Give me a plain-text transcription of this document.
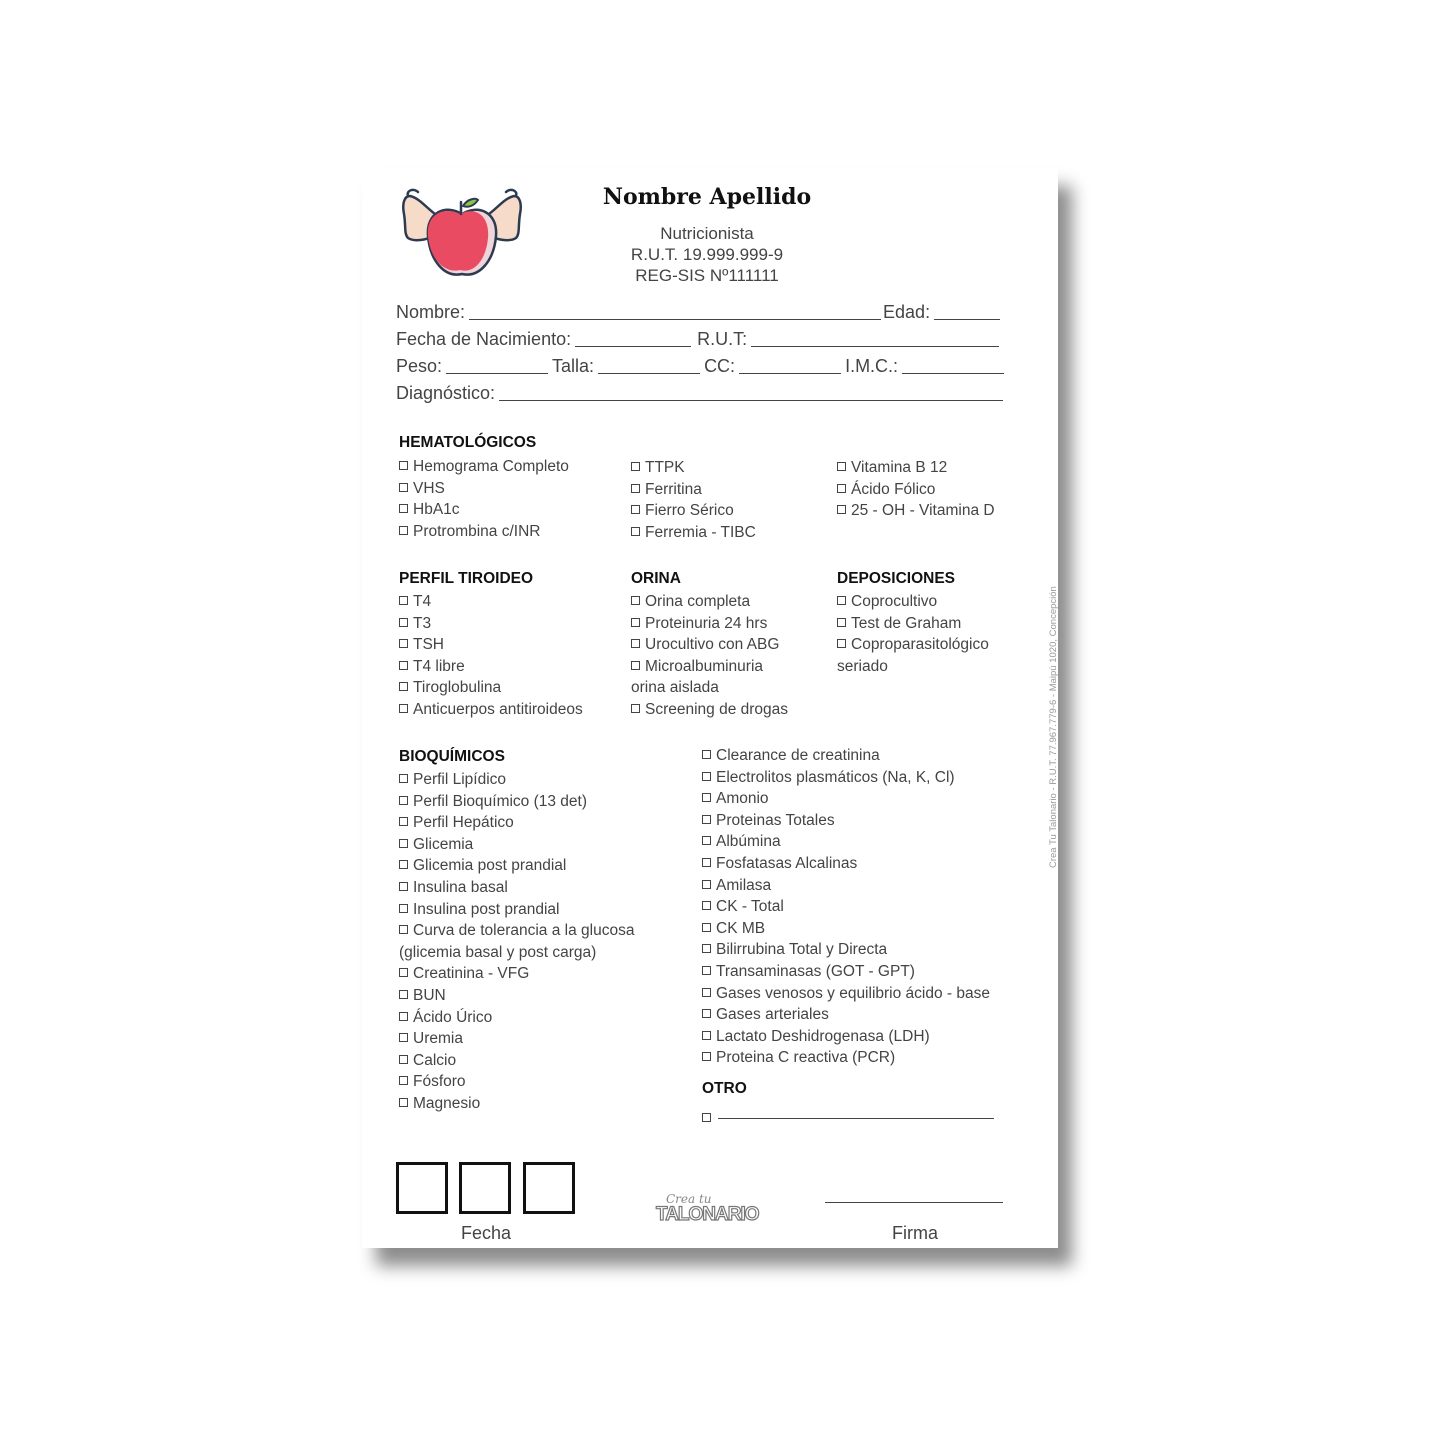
Nombre Apellido
Nutricionista
R.U.T. 19.999.999-9
REG-SIS Nº111111
Nombre:	Edad:
Fecha de Nacimiento:	R.U.T:
Peso:	Talla:	CC:	I.M.C.:
Diagnóstico:
HEMATOLÓGICOS
Hemograma Completo
VHS
HbA1c
Protrombina c/INR
TTPK
Ferritina
Fierro Sérico
Ferremia - TIBC
Vitamina B 12
Ácido Fólico
25 - OH - Vitamina D
PERFIL TIROIDEO
T4
T3
TSH
T4 libre
Tiroglobulina
Anticuerpos antitiroideos
ORINA
Orina completa
Proteinuria 24 hrs
Urocultivo con ABG
Microalbuminuria
orina aislada
Screening de drogas
DEPOSICIONES
Coprocultivo
Test de Graham
Coproparasitológico
seriado
BIOQUÍMICOS
Perfil Lipídico
Perfil Bioquímico (13 det)
Perfil Hepático
Glicemia
Glicemia post prandial
Insulina basal
Insulina post prandial
Curva de tolerancia a la glucosa
(glicemia basal y post carga)
Creatinina - VFG
BUN
Ácido Úrico
Uremia
Calcio
Fósforo
Magnesio
Clearance de creatinina
Electrolitos plasmáticos (Na, K, Cl)
Amonio
Proteinas Totales
Albúmina
Fosfatasas Alcalinas
Amilasa
CK - Total
CK MB
Bilirrubina Total y Directa
Transaminasas (GOT - GPT)
Gases venosos y equilibrio ácido - base
Gases arteriales
Lactato Deshidrogenasa (LDH)
Proteina C reactiva (PCR)
OTRO
Fecha
Crea tu
TALONARIO
Firma
Crea Tu Talonario - R.U.T. 77.967.779-6 - Maipú 1020, Concepción
